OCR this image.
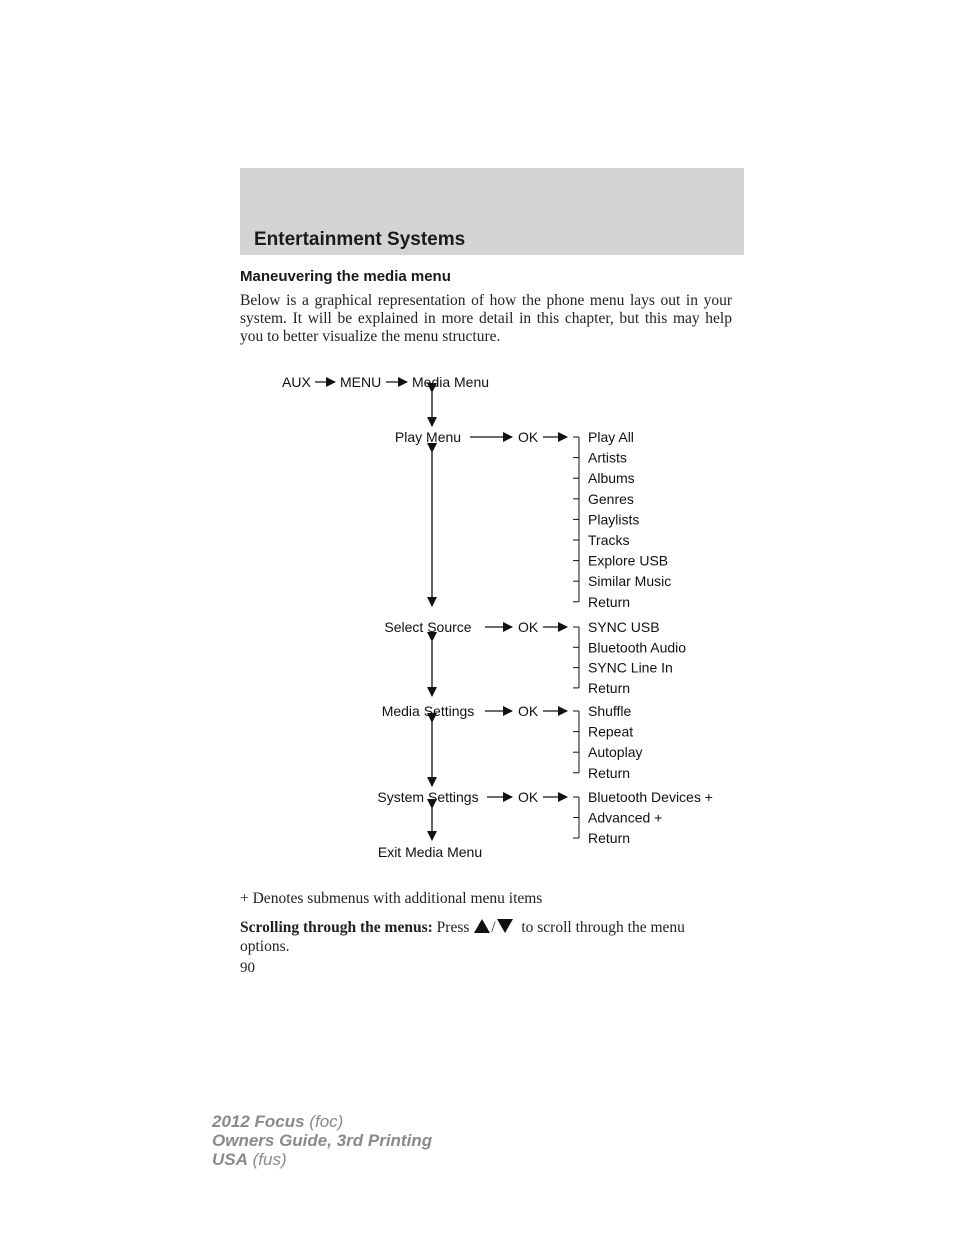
Entertainment Systems
Maneuvering the media menu
Below is a graphical representation of how the phone menu lays out in your system. It will be explained in more detail in this chapter, but this may help you to better visualize the menu structure.
AUX MENU Media Menu
Play Menu	OK	Play All
Artists
Albums
Genres
Playlists
Tracks
Explore USB
Similar Music
Return
Select Source	OK	SYNC USB
Bluetooth Audio
SYNC Line In
Return
Media Settings	OK	Shuffle
Repeat
Autoplay
Return
System Settings	OK	Bluetooth Devices +
Advanced +
Return
Exit Media Menu
+ Denotes submenus with additional menu items
Scrolling through the menus: Press / to scroll through the menu options.
90
2012 Focus (foc)
Owners Guide, 3rd Printing
USA (fus)
